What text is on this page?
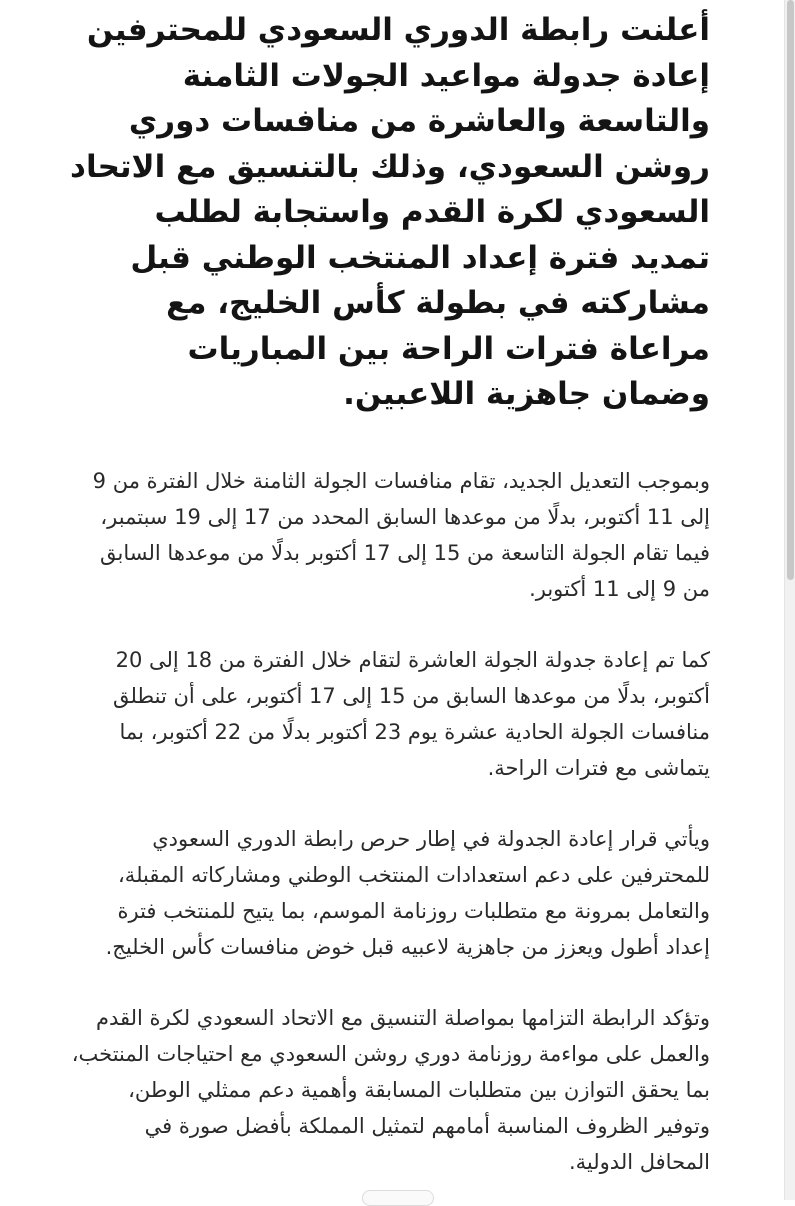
أعلنت رابطة الدوري السعودي للمحترفين إعادة جدولة مواعيد الجولات الثامنة والتاسعة والعاشرة من منافسات دوري روشن السعودي، وذلك بالتنسيق مع الاتحاد السعودي لكرة القدم واستجابة لطلب تمديد فترة إعداد المنتخب الوطني قبل مشاركته في بطولة كأس الخليج، مع مراعاة فترات الراحة بين المباريات وضمان جاهزية اللاعبين.

وبموجب التعديل الجديد، تقام منافسات الجولة الثامنة خلال الفترة من 9 إلى 11 أكتوبر، بدلًا من موعدها السابق المحدد من 17 إلى 19 سبتمبر، فيما تقام الجولة التاسعة من 15 إلى 17 أكتوبر بدلًا من موعدها السابق من 9 إلى 11 أكتوبر.

كما تم إعادة جدولة الجولة العاشرة لتقام خلال الفترة من 18 إلى 20 أكتوبر، بدلًا من موعدها السابق من 15 إلى 17 أكتوبر، على أن تنطلق منافسات الجولة الحادية عشرة يوم 23 أكتوبر بدلًا من 22 أكتوبر، بما يتماشى مع فترات الراحة.

ويأتي قرار إعادة الجدولة في إطار حرص رابطة الدوري السعودي للمحترفين على دعم استعدادات المنتخب الوطني ومشاركاته المقبلة، والتعامل بمرونة مع متطلبات روزنامة الموسم، بما يتيح للمنتخب فترة إعداد أطول ويعزز من جاهزية لاعبيه قبل خوض منافسات كأس الخليج.

وتؤكد الرابطة التزامها بمواصلة التنسيق مع الاتحاد السعودي لكرة القدم والعمل على مواءمة روزنامة دوري روشن السعودي مع احتياجات المنتخب، بما يحقق التوازن بين متطلبات المسابقة وأهمية دعم ممثلي الوطن، وتوفير الظروف المناسبة أمامهم لتمثيل المملكة بأفضل صورة في المحافل الدولية.
